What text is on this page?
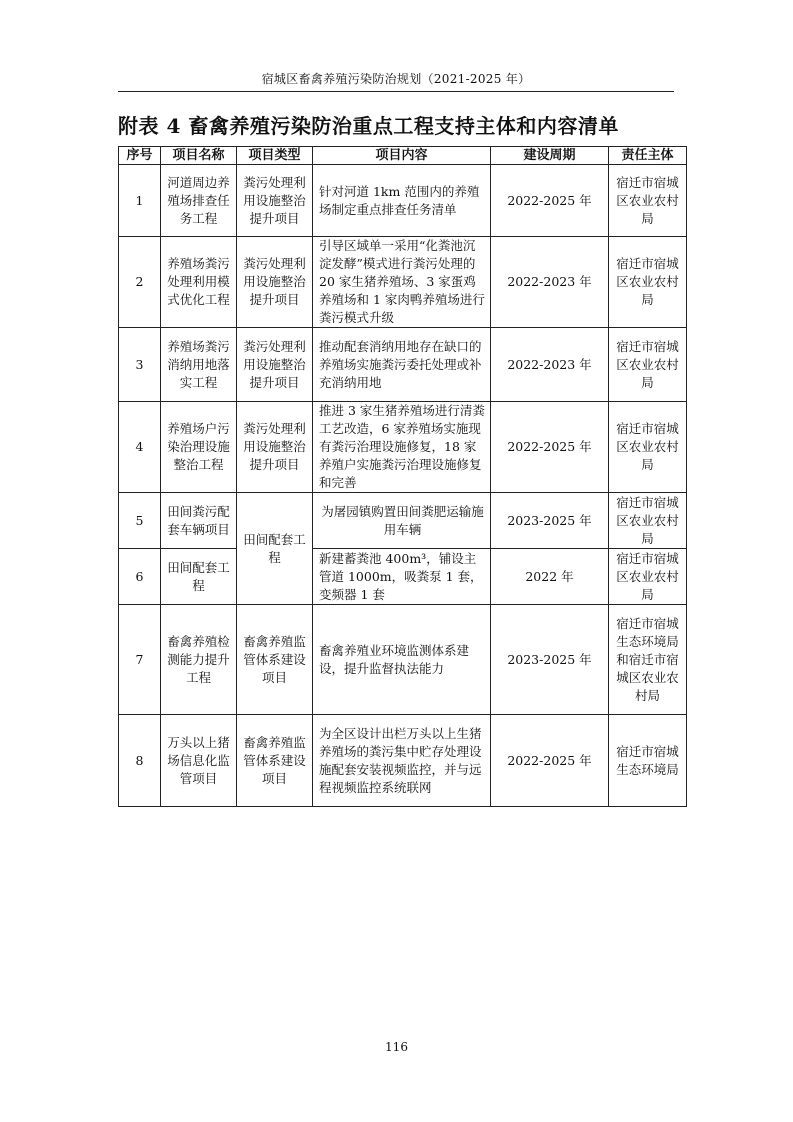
宿城区畜禽养殖污染防治规划（2021-2025 年）
附表 4 畜禽养殖污染防治重点工程支持主体和内容清单
序号	项目名称	项目类型	项目内容	建设周期	责任主体
1	河道周边养殖场排查任务工程	粪污处理利用设施整治提升项目	针对河道 1km 范围内的养殖场制定重点排查任务清单	2022-2025 年	宿迁市宿城区农业农村局
2	养殖场粪污处理利用模式优化工程	粪污处理利用设施整治提升项目	引导区域单一采用“化粪池沉淀发酵”模式进行粪污处理的 20 家生猪养殖场、3 家蛋鸡养殖场和 1 家肉鸭养殖场进行粪污模式升级	2022-2023 年	宿迁市宿城区农业农村局
3	养殖场粪污消纳用地落实工程	粪污处理利用设施整治提升项目	推动配套消纳用地存在缺口的养殖场实施粪污委托处理或补充消纳用地	2022-2023 年	宿迁市宿城区农业农村局
4	养殖场户污染治理设施整治工程	粪污处理利用设施整治提升项目	推进 3 家生猪养殖场进行清粪工艺改造，6 家养殖场实施现有粪污治理设施修复，18 家养殖户实施粪污治理设施修复和完善	2022-2025 年	宿迁市宿城区农业农村局
5	田间粪污配套车辆项目	田间配套工程	为屠园镇购置田间粪肥运输施用车辆	2023-2025 年	宿迁市宿城区农业农村局
6	田间配套工程		新建蓄粪池 400m³，铺设主管道 1000m，吸粪泵 1 套，变频器 1 套	2022 年	宿迁市宿城区农业农村局
7	畜禽养殖检测能力提升工程	畜禽养殖监管体系建设项目	畜禽养殖业环境监测体系建设，提升监督执法能力	2023-2025 年	宿迁市宿城生态环境局和宿迁市宿城区农业农村局
8	万头以上猪场信息化监管项目	畜禽养殖监管体系建设项目	为全区设计出栏万头以上生猪养殖场的粪污集中贮存处理设施配套安装视频监控，并与远程视频监控系统联网	2022-2025 年	宿迁市宿城生态环境局
116
